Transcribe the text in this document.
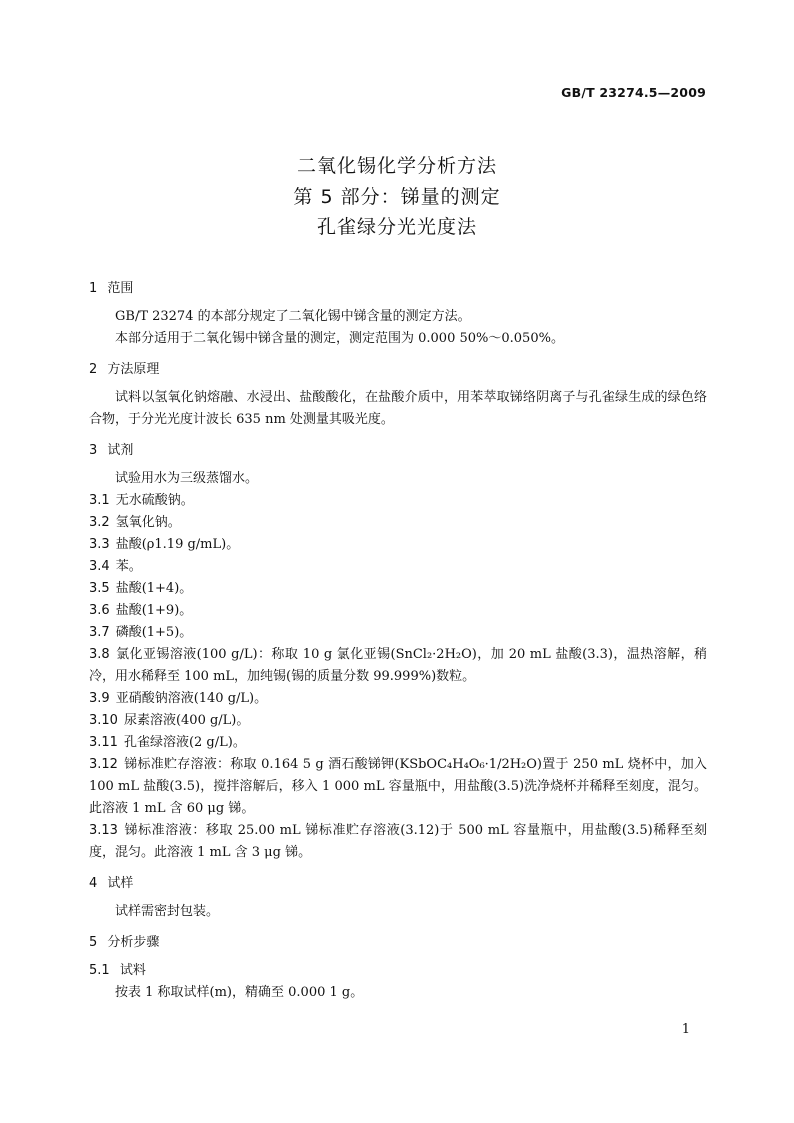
GB/T 23274.5—2009
二氧化锡化学分析方法
第 5 部分：锑量的测定
孔雀绿分光光度法
1 范围

GB/T 23274 的本部分规定了二氧化锡中锑含量的测定方法。

本部分适用于二氧化锡中锑含量的测定，测定范围为 0.000 50%～0.050%。

2 方法原理

试料以氢氧化钠熔融、水浸出、盐酸酸化，在盐酸介质中，用苯萃取锑络阴离子与孔雀绿生成的绿色络合物，于分光光度计波长 635 nm 处测量其吸光度。

3 试剂

试验用水为三级蒸馏水。

3.1 无水硫酸钠。

3.2 氢氧化钠。

3.3 盐酸(ρ1.19 g/mL)。

3.4 苯。

3.5 盐酸(1+4)。

3.6 盐酸(1+9)。

3.7 磷酸(1+5)。

3.8 氯化亚锡溶液(100 g/L)：称取 10 g 氯化亚锡(SnCl₂·2H₂O)，加 20 mL 盐酸(3.3)，温热溶解，稍冷，用水稀释至 100 mL，加纯锡(锡的质量分数 99.999%)数粒。

3.9 亚硝酸钠溶液(140 g/L)。

3.10 尿素溶液(400 g/L)。

3.11 孔雀绿溶液(2 g/L)。

3.12 锑标准贮存溶液：称取 0.164 5 g 酒石酸锑钾(KSbOC₄H₄O₆·1/2H₂O)置于 250 mL 烧杯中，加入 100 mL 盐酸(3.5)，搅拌溶解后，移入 1 000 mL 容量瓶中，用盐酸(3.5)洗净烧杯并稀释至刻度，混匀。此溶液 1 mL 含 60 μg 锑。

3.13 锑标准溶液：移取 25.00 mL 锑标准贮存溶液(3.12)于 500 mL 容量瓶中，用盐酸(3.5)稀释至刻度，混匀。此溶液 1 mL 含 3 μg 锑。

4 试样

试样需密封包装。

5 分析步骤
5.1 试料

按表 1 称取试样(m)，精确至 0.000 1 g。

1
